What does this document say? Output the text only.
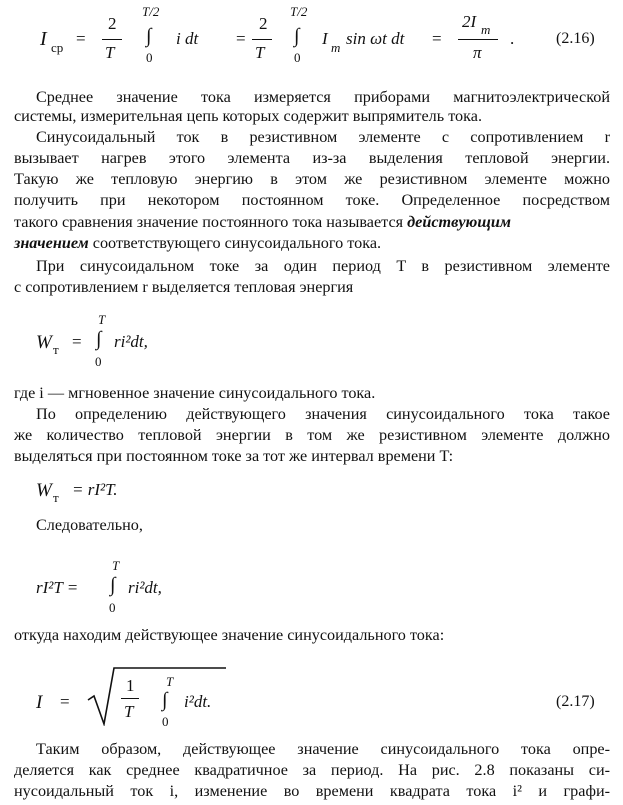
I ср =
2
T
T/2
∫
0
i dt =
2
T
T/2
∫
0
I m sin ωt dt =
2I m
π
.	(2.16)
Среднее значение тока измеряется приборами магнитоэлектрической
системы, измерительная цепь которых содержит выпрямитель тока.
Синусоидальный ток в резистивном элементе с сопротивлением r
вызывает нагрев этого элемента из-за выделения тепловой энергии.
Такую же тепловую энергию в этом же резистивном элементе можно
получить при некотором постоянном токе. Определенное посредством
такого сравнения значение постоянного тока называется действующим
значением соответствующего синусоидального тока.
При синусоидальном токе за один период T в резистивном элементе
с сопротивлением r выделяется тепловая энергия
W т =
T
∫
0
ri²dt,
где i — мгновенное значение синусоидального тока.
По определению действующего значения синусоидального тока такое
же количество тепловой энергии в том же резистивном элементе должно
выделяться при постоянном токе за тот же интервал времени T:
W т = rI²T.
Следовательно,
rI²T =
T
∫
0
ri²dt,
откуда находим действующее значение синусоидального тока:
I =
1
T
T
∫
0
i²dt.	(2.17)
Таким образом, действующее значение синусоидального тока опре-
деляется как среднее квадратичное за период. На рис. 2.8 показаны си-
нусоидальный ток i, изменение во времени квадрата тока i² и графи-
